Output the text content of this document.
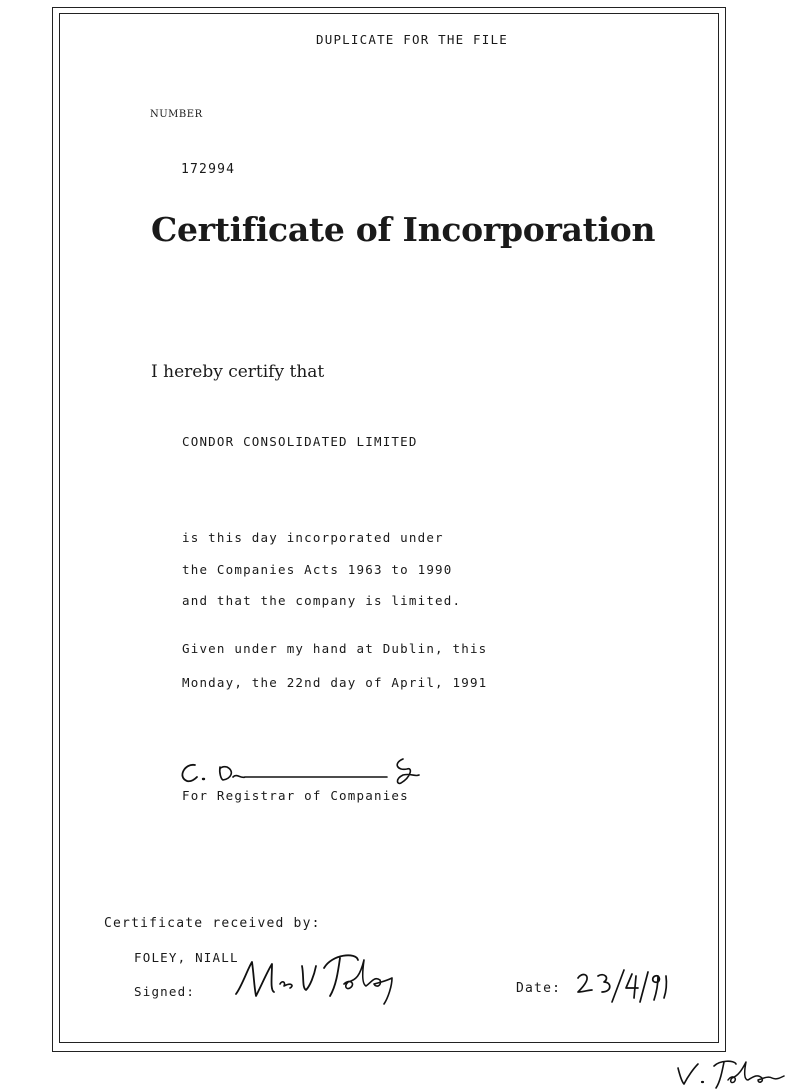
DUPLICATE FOR THE FILE
NUMBER
172994
Certificate of Incorporation
I hereby certify that
CONDOR CONSOLIDATED LIMITED
is this day incorporated under
the Companies Acts 1963 to 1990
and that the company is limited.
Given under my hand at Dublin, this
Monday, the 22nd day of April, 1991
For Registrar of Companies
Certificate received by:
FOLEY, NIALL
Signed:	Date:
